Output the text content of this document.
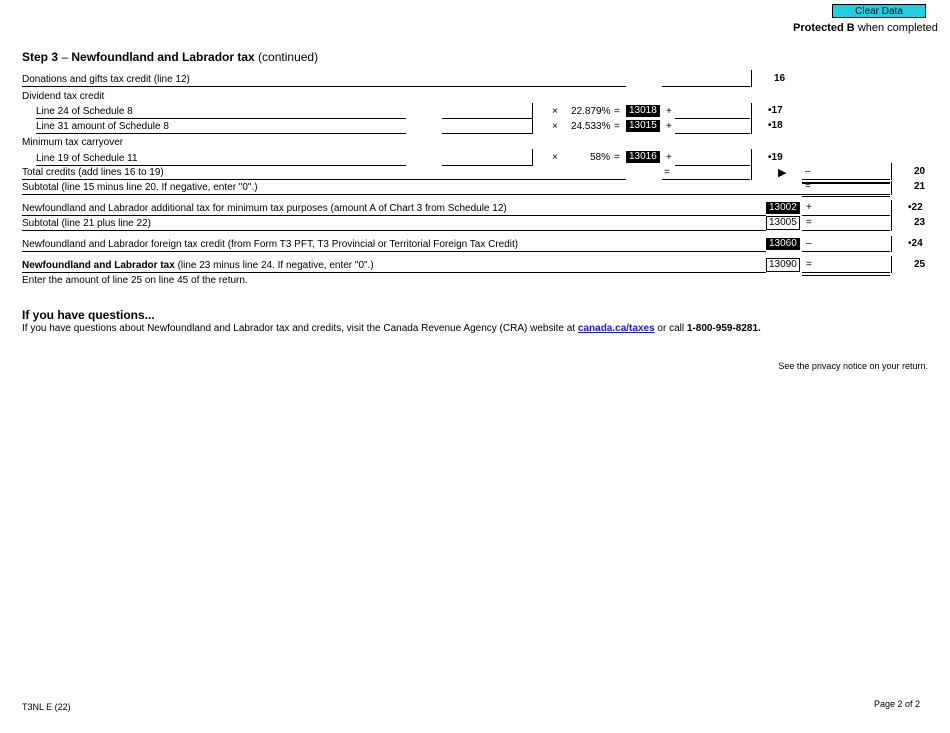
Clear Data
Protected B when completed
Step 3 – Newfoundland and Labrador tax (continued)
Donations and gifts tax credit (line 12)	16
Dividend tax credit
Line 24 of Schedule 8	× 22.879% = 13018 +	•17
Line 31 amount of Schedule 8	× 24.533% = 13015 +	•18
Minimum tax carryover
Line 19 of Schedule 11	×	58% = 13016 +	•19
Total credits (add lines 16 to 19)	=	▶ –	20
Subtotal (line 15 minus line 20. If negative, enter "0".)	=	21
Newfoundland and Labrador additional tax for minimum tax purposes (amount A of Chart 3 from Schedule 12)	13002 +	•22
Subtotal (line 21 plus line 22)	13005 =	23
Newfoundland and Labrador foreign tax credit (from Form T3 PFT, T3 Provincial or Territorial Foreign Tax Credit)	13060 –	•24
Newfoundland and Labrador tax (line 23 minus line 24. If negative, enter "0".)	13090 =	25
Enter the amount of line 25 on line 45 of the return.
If you have questions...
If you have questions about Newfoundland and Labrador tax and credits, visit the Canada Revenue Agency (CRA) website at canada.ca/taxes or call 1-800-959-8281.
See the privacy notice on your return.
T3NL E (22)	Page 2 of 2
